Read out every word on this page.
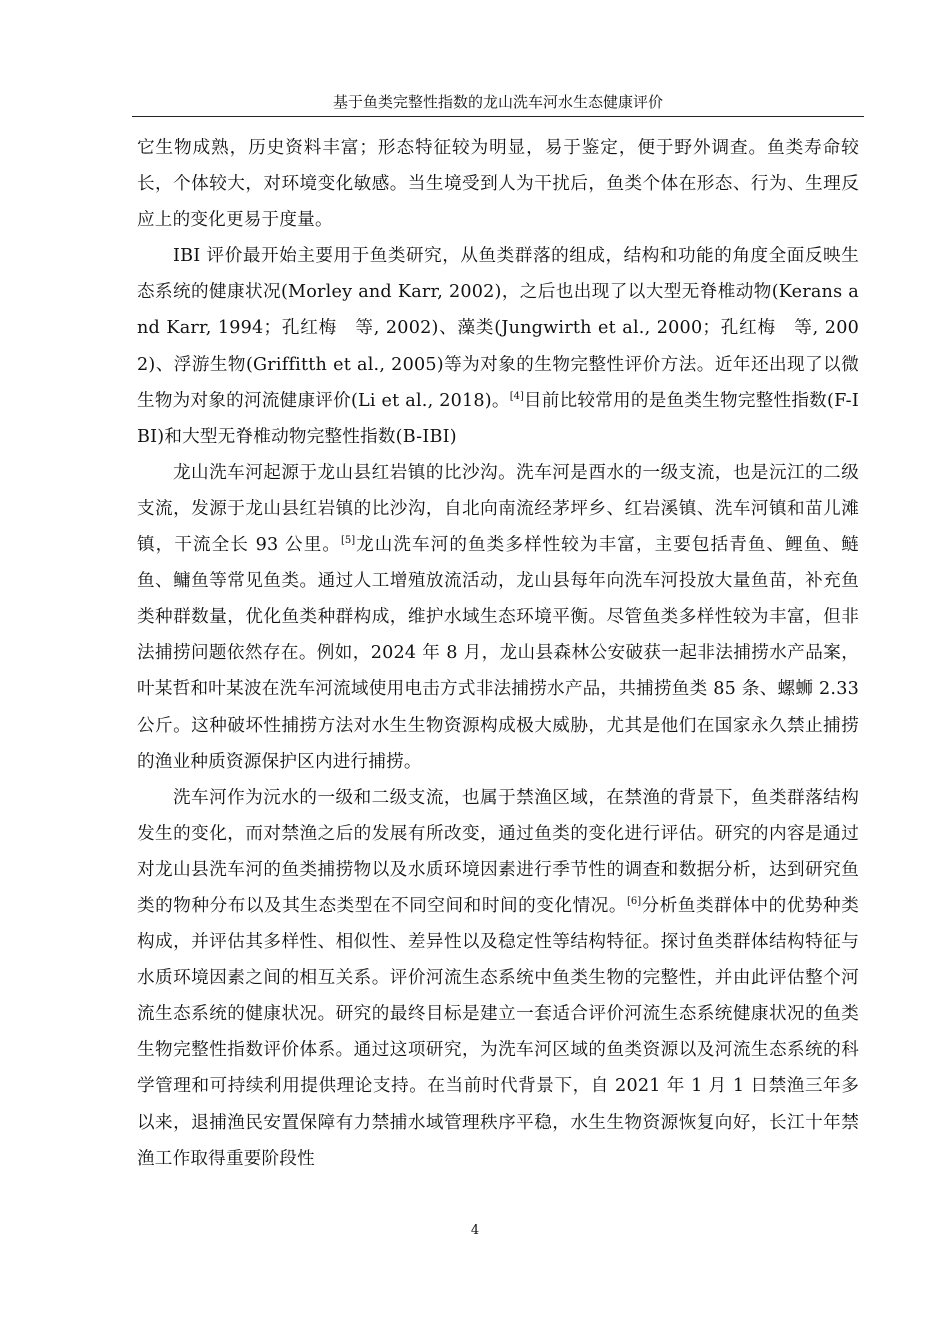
基于鱼类完整性指数的龙山洗车河水生态健康评价

它生物成熟，历史资料丰富；形态特征较为明显，易于鉴定，便于野外调查。鱼类寿命较长，个体较大，对环境变化敏感。当生境受到人为干扰后，鱼类个体在形态、行为、生理反应上的变化更易于度量。

IBI 评价最开始主要用于鱼类研究，从鱼类群落的组成，结构和功能的角度全面反映生态系统的健康状况(Morley and Karr, 2002)，之后也出现了以大型无脊椎动物(Kerans and Karr, 1994；孔红梅　等, 2002)、藻类(Jungwirth et al., 2000；孔红梅　等, 2002)、浮游生物(Griffitth et al., 2005)等为对象的生物完整性评价方法。近年还出现了以微生物为对象的河流健康评价(Li et al., 2018)。[4]目前比较常用的是鱼类生物完整性指数(F-IBI)和大型无脊椎动物完整性指数(B-IBI)

龙山洗车河起源于龙山县红岩镇的比沙沟。洗车河是酉水的一级支流，也是沅江的二级支流，发源于龙山县红岩镇的比沙沟，自北向南流经茅坪乡、红岩溪镇、洗车河镇和苗儿滩镇，干流全长 93 公里。[5]龙山洗车河的鱼类多样性较为丰富，主要包括青鱼、鲤鱼、鲢鱼、鳙鱼等常见鱼类。通过人工增殖放流活动，龙山县每年向洗车河投放大量鱼苗，补充鱼类种群数量，优化鱼类种群构成，维护水域生态环境平衡。尽管鱼类多样性较为丰富，但非法捕捞问题依然存在。例如，2024 年 8 月，龙山县森林公安破获一起非法捕捞水产品案，叶某哲和叶某波在洗车河流域使用电击方式非法捕捞水产品，共捕捞鱼类 85 条、螺蛳 2.33 公斤。这种破坏性捕捞方法对水生生物资源构成极大威胁，尤其是他们在国家永久禁止捕捞的渔业种质资源保护区内进行捕捞。

洗车河作为沅水的一级和二级支流，也属于禁渔区域，在禁渔的背景下，鱼类群落结构发生的变化，而对禁渔之后的发展有所改变，通过鱼类的变化进行评估。研究的内容是通过对龙山县洗车河的鱼类捕捞物以及水质环境因素进行季节性的调查和数据分析，达到研究鱼类的物种分布以及其生态类型在不同空间和时间的变化情况。[6]分析鱼类群体中的优势种类构成，并评估其多样性、相似性、差异性以及稳定性等结构特征。探讨鱼类群体结构特征与水质环境因素之间的相互关系。评价河流生态系统中鱼类生物的完整性，并由此评估整个河流生态系统的健康状况。研究的最终目标是建立一套适合评价河流生态系统健康状况的鱼类生物完整性指数评价体系。通过这项研究，为洗车河区域的鱼类资源以及河流生态系统的科学管理和可持续利用提供理论支持。在当前时代背景下，自 2021 年 1 月 1 日禁渔三年多以来，退捕渔民安置保障有力禁捕水域管理秩序平稳，水生生物资源恢复向好，长江十年禁渔工作取得重要阶段性

4
